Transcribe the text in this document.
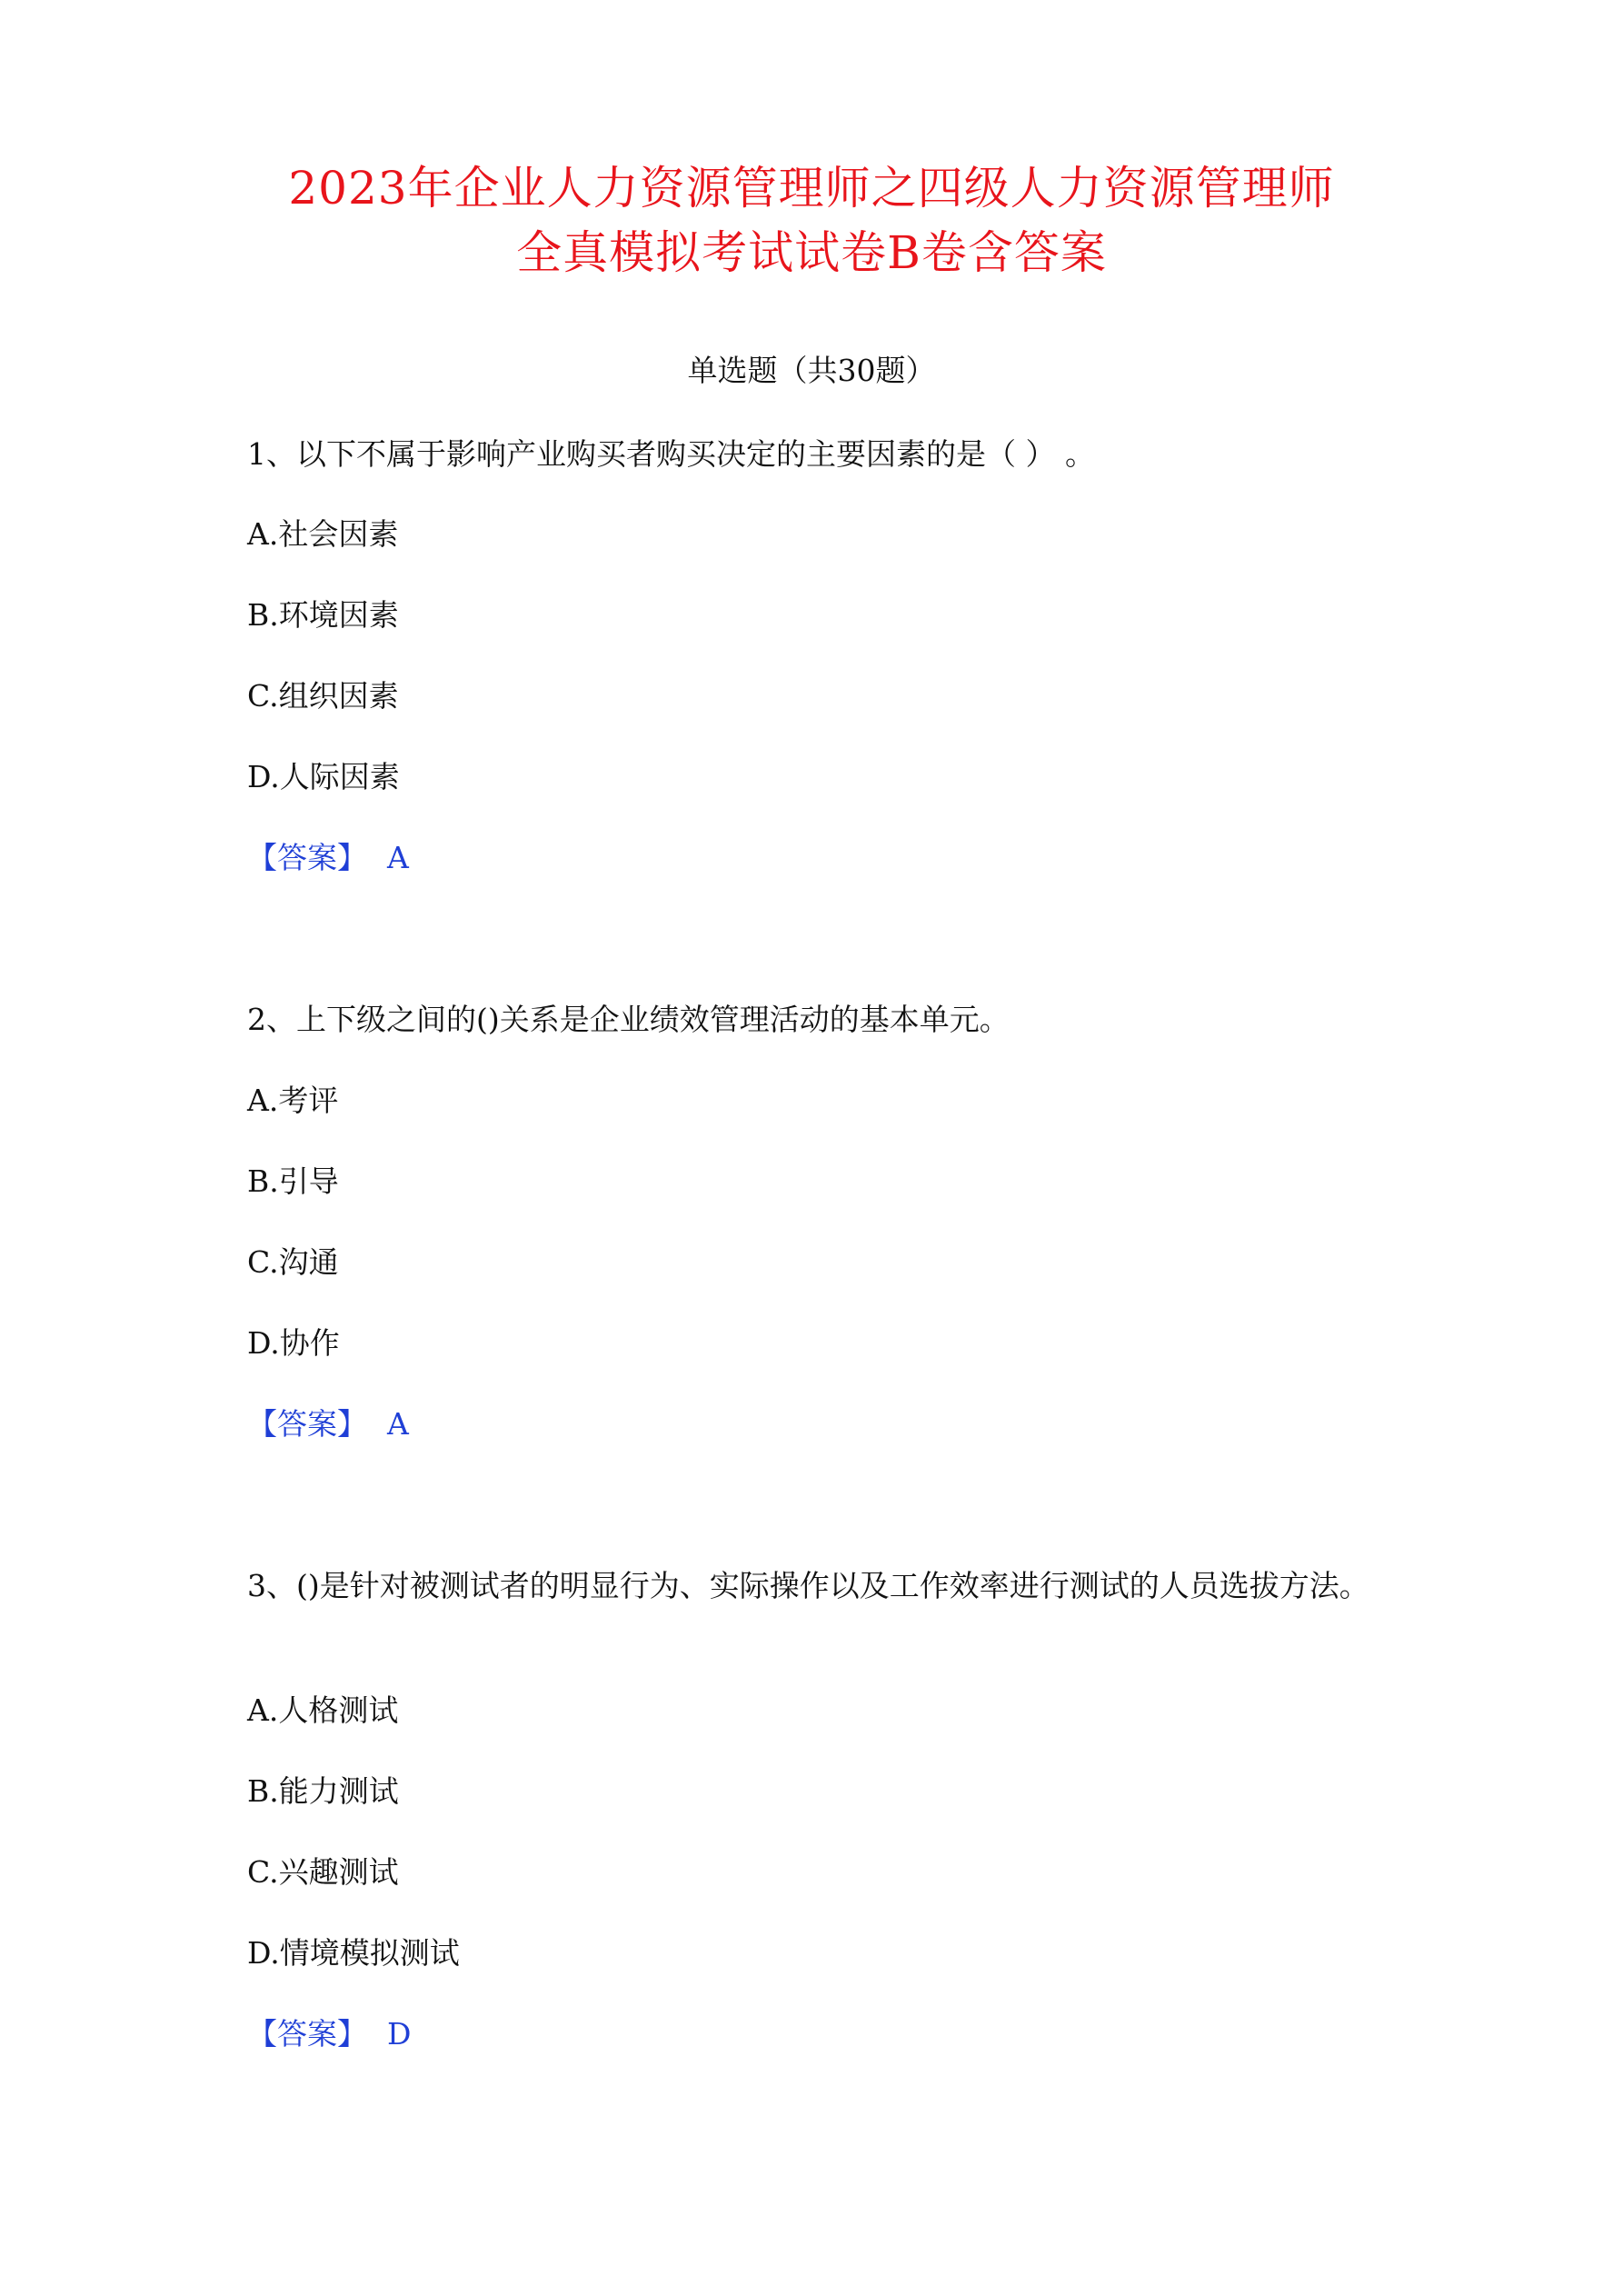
2023年企业人力资源管理师之四级人力资源管理师
全真模拟考试试卷B卷含答案
单选题（共30题）
1、以下不属于影响产业购买者购买决定的主要因素的是（ ） 。
A.社会因素
B.环境因素
C.组织因素
D.人际因素
【答案】 A
2、上下级之间的()关系是企业绩效管理活动的基本单元。
A.考评
B.引导
C.沟通
D.协作
【答案】 A
3、()是针对被测试者的明显行为、实际操作以及工作效率进行测试的人员选拔方法。
A.人格测试
B.能力测试
C.兴趣测试
D.情境模拟测试
【答案】 D
